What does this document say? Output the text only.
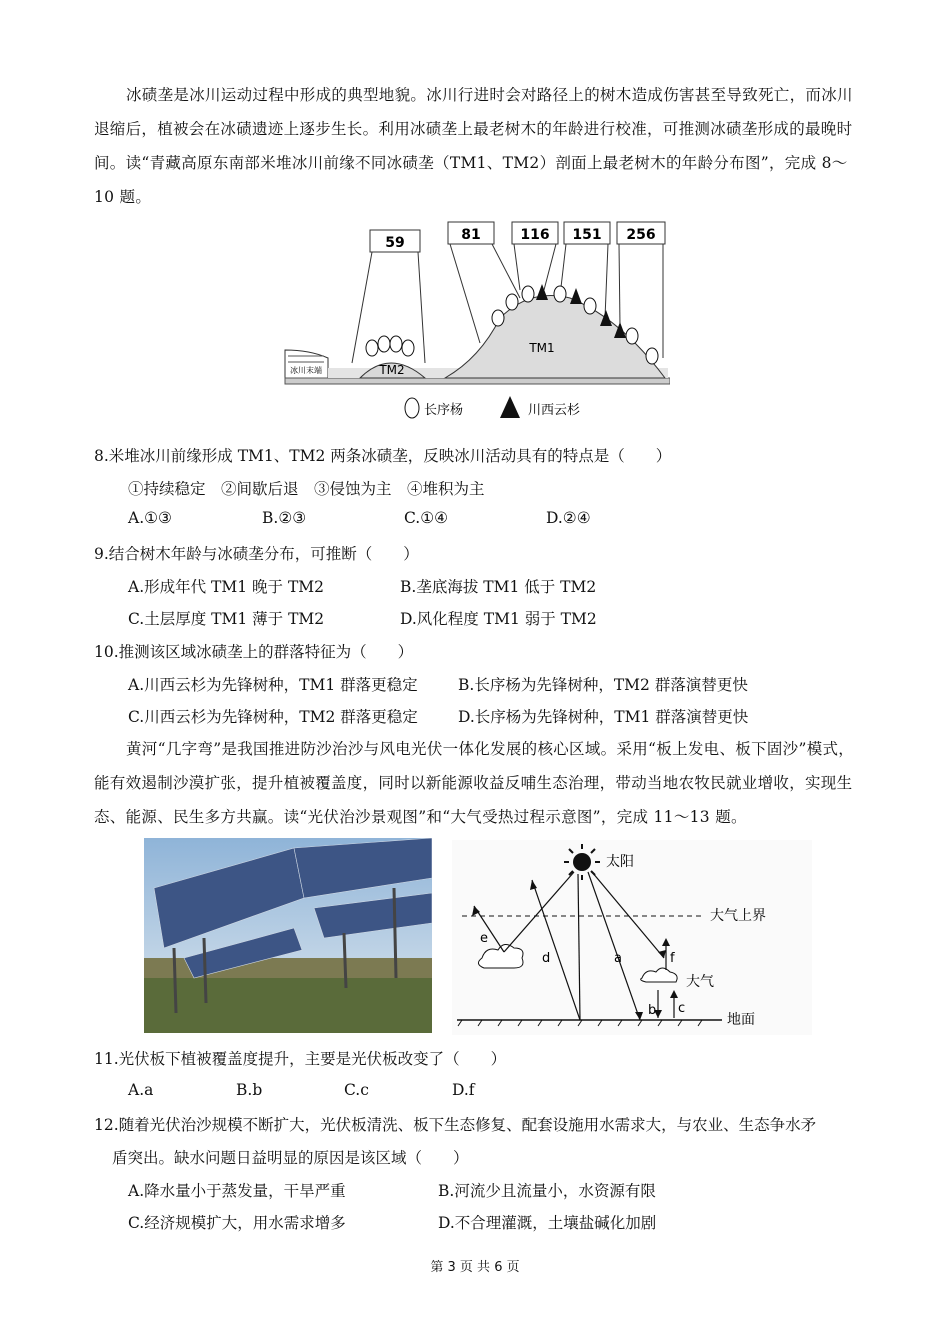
冰碛垄是冰川运动过程中形成的典型地貌。冰川行进时会对路径上的树木造成伤害甚至导致死亡，而冰川退缩后，植被会在冰碛遗迹上逐步生长。利用冰碛垄上最老树木的年龄进行校准，可推测冰碛垄形成的最晚时间。读“青藏高原东南部米堆冰川前缘不同冰碛垄（TM1、TM2）剖面上最老树木的年龄分布图”，完成 8～10 题。
59	81	116 151 256
冰川末端	TM2
TM1
长序杨	川西云杉
8.米堆冰川前缘形成 TM1、TM2 两条冰碛垄，反映冰川活动具有的特点是（　　）
①持续稳定　②间歇后退　③侵蚀为主　④堆积为主
A.①③	B.②③	C.①④	D.②④
9.结合树木年龄与冰碛垄分布，可推断（　　）
A.形成年代 TM1 晚于 TM2	B.垄底海拔 TM1 低于 TM2
C.土层厚度 TM1 薄于 TM2	D.风化程度 TM1 弱于 TM2
10.推测该区域冰碛垄上的群落特征为（　　）
A.川西云杉为先锋树种，TM1 群落更稳定	B.长序杨为先锋树种，TM2 群落演替更快
C.川西云杉为先锋树种，TM2 群落更稳定	D.长序杨为先锋树种，TM1 群落演替更快
黄河“几字弯”是我国推进防沙治沙与风电光伏一体化发展的核心区域。采用“板上发电、板下固沙”模式，能有效遏制沙漠扩张，提升植被覆盖度，同时以新能源收益反哺生态治理，带动当地农牧民就业增收，实现生态、能源、民生多方共赢。读“光伏治沙景观图”和“大气受热过程示意图”，完成 11～13 题。
太阳
大气上界
地面
大气
e
d	a	f
b c
11.光伏板下植被覆盖度提升，主要是光伏板改变了（　　）
A.a	B.b	C.c	D.f
12.随着光伏治沙规模不断扩大，光伏板清洗、板下生态修复、配套设施用水需求大，与农业、生态争水矛
盾突出。缺水问题日益明显的原因是该区域（　　）
A.降水量小于蒸发量，干旱严重	B.河流少且流量小，水资源有限
C.经济规模扩大，用水需求增多	D.不合理灌溉，土壤盐碱化加剧
第 3 页 共 6 页
